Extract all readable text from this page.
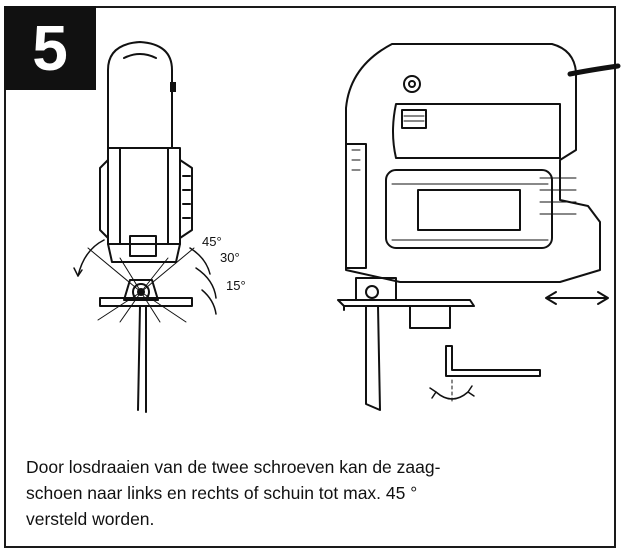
5
45°
30°
15°
Door losdraaien van de twee schroeven kan de zaag-
schoen naar links en rechts of schuin tot max. 45 °
versteld worden.
